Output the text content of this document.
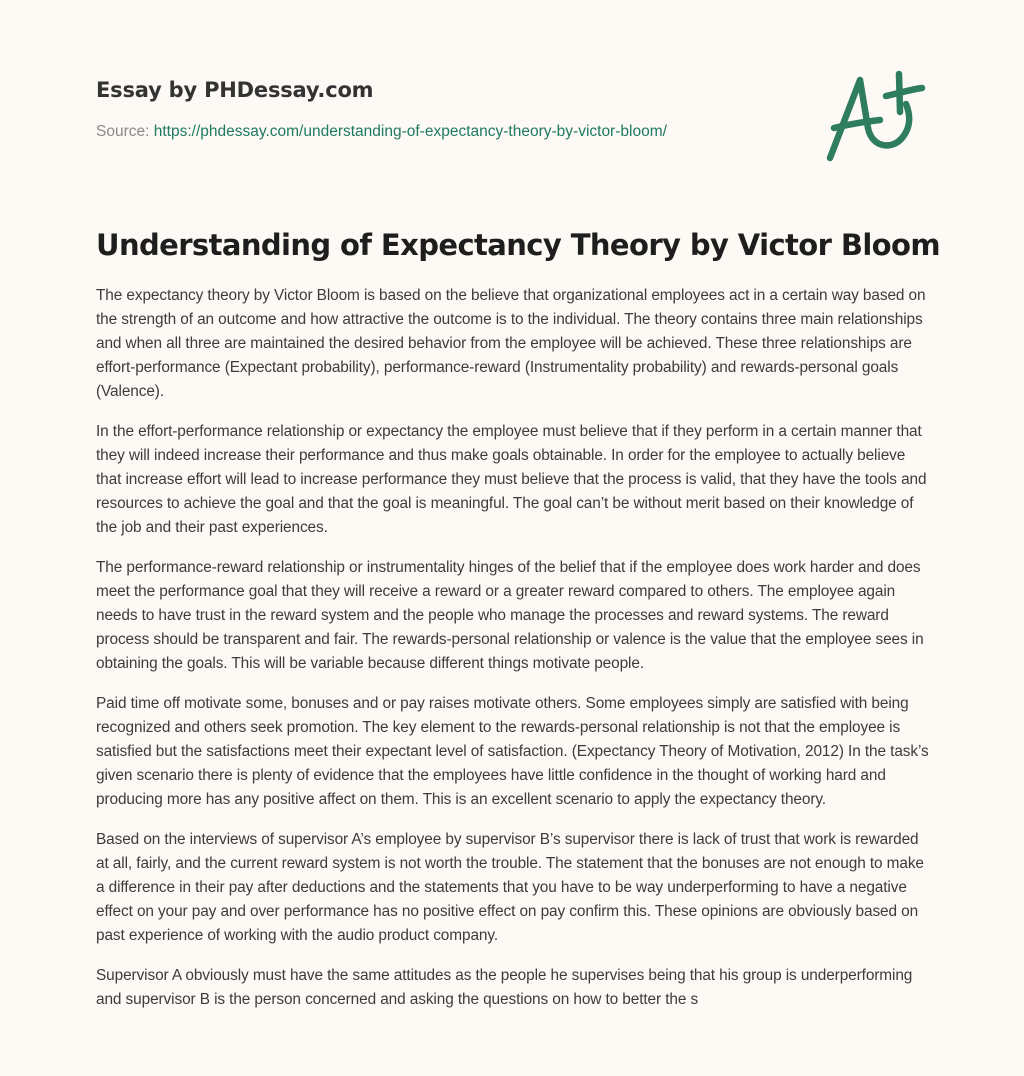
Essay by PHDessay.com
Source: https://phdessay.com/understanding-of-expectancy-theory-by-victor-bloom/
Understanding of Expectancy Theory by Victor Bloom

The expectancy theory by Victor Bloom is based on the believe that organizational employees act in a certain way based on the strength of an outcome and how attractive the outcome is to the individual. The theory contains three main relationships and when all three are maintained the desired behavior from the employee will be achieved. These three relationships are effort-performance (Expectant probability), performance-reward (Instrumentality probability) and rewards-personal goals (Valence).

In the effort-performance relationship or expectancy the employee must believe that if they perform in a certain manner that they will indeed increase their performance and thus make goals obtainable. In order for the employee to actually believe that increase effort will lead to increase performance they must believe that the process is valid, that they have the tools and resources to achieve the goal and that the goal is meaningful. The goal can’t be without merit based on their knowledge of the job and their past experiences.

The performance-reward relationship or instrumentality hinges of the belief that if the employee does work harder and does meet the performance goal that they will receive a reward or a greater reward compared to others. The employee again needs to have trust in the reward system and the people who manage the processes and reward systems. The reward process should be transparent and fair. The rewards-personal relationship or valence is the value that the employee sees in obtaining the goals. This will be variable because different things motivate people.

Paid time off motivate some, bonuses and or pay raises motivate others. Some employees simply are satisfied with being recognized and others seek promotion. The key element to the rewards-personal relationship is not that the employee is satisfied but the satisfactions meet their expectant level of satisfaction. (Expectancy Theory of Motivation, 2012) In the task’s given scenario there is plenty of evidence that the employees have little confidence in the thought of working hard and producing more has any positive affect on them. This is an excellent scenario to apply the expectancy theory.

Based on the interviews of supervisor A’s employee by supervisor B’s supervisor there is lack of trust that work is rewarded at all, fairly, and the current reward system is not worth the trouble. The statement that the bonuses are not enough to make a difference in their pay after deductions and the statements that you have to be way underperforming to have a negative effect on your pay and over performance has no positive effect on pay confirm this. These opinions are obviously based on past experience of working with the audio product company.

Supervisor A obviously must have the same attitudes as the people he supervises being that his group is underperforming and supervisor B is the person concerned and asking the questions on how to better the s
